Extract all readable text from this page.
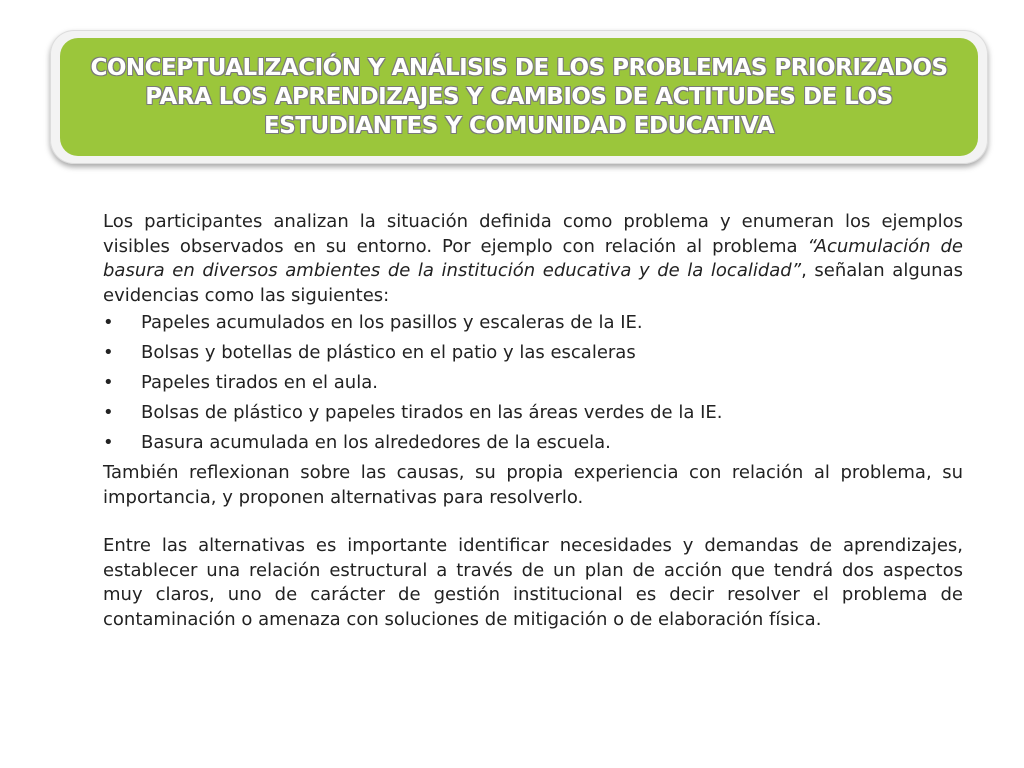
CONCEPTUALIZACIÓN Y ANÁLISIS DE LOS PROBLEMAS PRIORIZADOS
PARA LOS APRENDIZAJES Y CAMBIOS DE ACTITUDES DE LOS
ESTUDIANTES Y COMUNIDAD EDUCATIVA

Los participantes analizan la situación definida como problema y enumeran los ejemplos visibles observados en su entorno. Por ejemplo con relación al problema “Acumulación de basura en diversos ambientes de la institución educativa y de la localidad”, señalan algunas evidencias como las siguientes:

• Papeles acumulados en los pasillos y escaleras de la IE.
• Bolsas y botellas de plástico en el patio y las escaleras
• Papeles tirados en el aula.
• Bolsas de plástico y papeles tirados en las áreas verdes de la IE.
• Basura acumulada en los alrededores de la escuela.

También reflexionan sobre las causas, su propia experiencia con relación al problema, su importancia, y proponen alternativas para resolverlo.

Entre las alternativas es importante identificar necesidades y demandas de aprendizajes, establecer una relación estructural a través de un plan de acción que tendrá dos aspectos muy claros, uno de carácter de gestión institucional es decir resolver el problema de contaminación o amenaza con soluciones de mitigación o de elaboración física.
